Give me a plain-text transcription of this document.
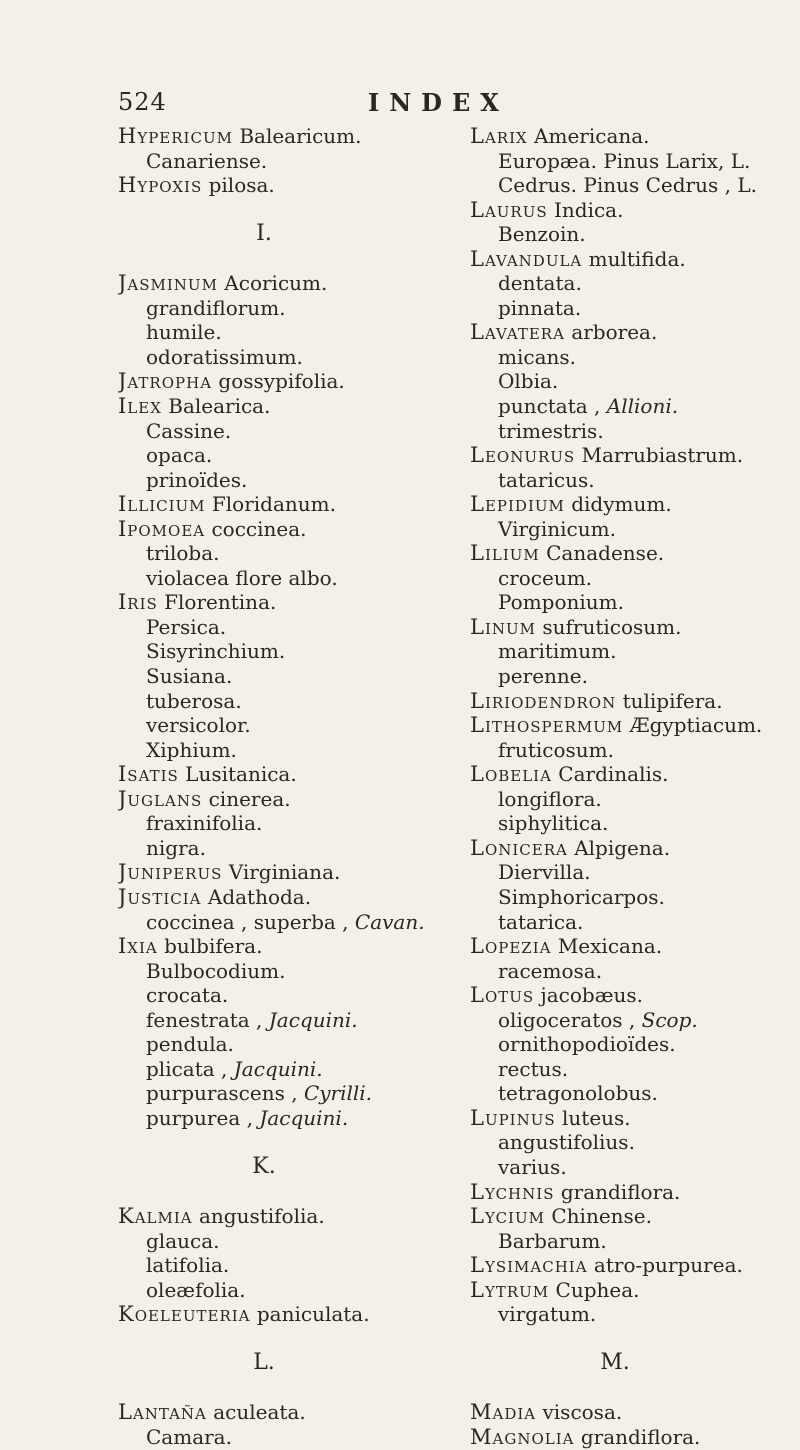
524	INDEX
Hypericum Balearicum.
Canariense.
Hypoxis pilosa.
I.
Jasminum Acoricum.
grandiflorum.
humile.
odoratissimum.
Jatropha gossypifolia.
Ilex Balearica.
Cassine.
opaca.
prinoïdes.
Illicium Floridanum.
Ipomoea coccinea.
triloba.
violacea flore albo.
Iris Florentina.
Persica.
Sisyrinchium.
Susiana.
tuberosa.
versicolor.
Xiphium.
Isatis Lusitanica.
Juglans cinerea.
fraxinifolia.
nigra.
Juniperus Virginiana.
Justicia Adathoda.
coccinea , superba , Cavan.
Ixia bulbifera.
Bulbocodium.
crocata.
fenestrata , Jacquini.
pendula.
plicata , Jacquini.
purpurascens , Cyrilli.
purpurea , Jacquini.
K.
Kalmia angustifolia.
glauca.
latifolia.
oleæfolia.
Koeleuteria paniculata.
L.
Lantaña aculeata.
Camara.
Larix Americana.
Europæa. Pinus Larix, L.
Cedrus. Pinus Cedrus , L.
Laurus Indica.
Benzoin.
Lavandula multifida.
dentata.
pinnata.
Lavatera arborea.
micans.
Olbia.
punctata , Allioni.
trimestris.
Leonurus Marrubiastrum.
tataricus.
Lepidium didymum.
Virginicum.
Lilium Canadense.
croceum.
Pomponium.
Linum sufruticosum.
maritimum.
perenne.
Liriodendron tulipifera.
Lithospermum Ægyptiacum.
fruticosum.
Lobelia Cardinalis.
longiflora.
siphylitica.
Lonicera Alpigena.
Diervilla.
Simphoricarpos.
tatarica.
Lopezia Mexicana.
racemosa.
Lotus jacobæus.
oligoceratos , Scop.
ornithopodioïdes.
rectus.
tetragonolobus.
Lupinus luteus.
angustifolius.
varius.
Lychnis grandiflora.
Lycium Chinense.
Barbarum.
Lysimachia atro-purpurea.
Lytrum Cuphea.
virgatum.
M.
Madia viscosa.
Magnolia grandiflora.
